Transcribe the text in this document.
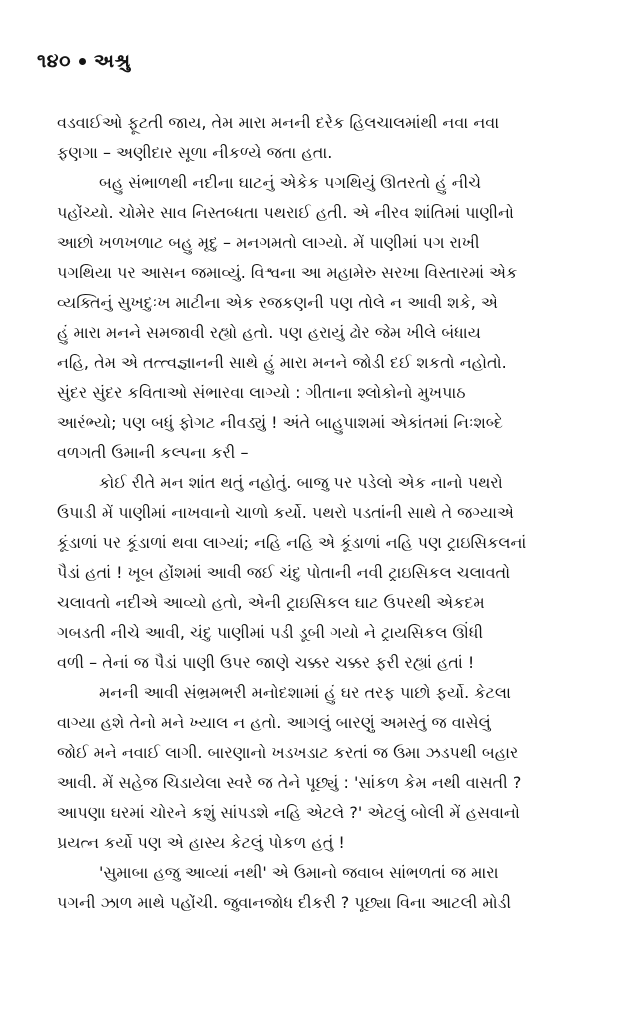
૧૪૦ અશ્રુ
વડવાઈઓ ફૂટતી જાય, તેમ મારા મનની દરેક હિલચાલમાંથી નવા નવા
ફણગા – અણીદાર સૂળા નીકળ્યે જતા હતા.
બહુ સંભાળથી નદીના ઘાટનું એકેક પગથિયું ઊતરતો હું નીચે
પહોંચ્યો. ચોમેર સાવ નિસ્તબ્ધતા પથરાઈ હતી. એ નીરવ શાંતિમાં પાણીનો
આછો ખળખળાટ બહુ મૃદુ – મનગમતો લાગ્યો. મેં પાણીમાં પગ રાખી
પગથિયા પર આસન જમાવ્યું. વિશ્વના આ મહામેરુ સરખા વિસ્તારમાં એક
વ્યક્તિનું સુખદુઃખ માટીના એક રજકણની પણ તોલે ન આવી શકે, એ
હું મારા મનને સમજાવી રહ્યો હતો. પણ હરાયું ઢોર જેમ ખીલે બંધાય
નહિ, તેમ એ તત્ત્વજ્ઞાનની સાથે હું મારા મનને જોડી દઈ શકતો નહોતો.
સુંદર સુંદર કવિતાઓ સંભારવા લાગ્યો : ગીતાના શ્લોકોનો મુખપાઠ
આરંભ્યો; પણ બધું ફોગટ નીવડ્યું ! અંતે બાહુપાશમાં એકાંતમાં નિઃશબ્દે
વળગતી ઉમાની કલ્પના કરી –
કોઈ રીતે મન શાંત થતું નહોતું. બાજુ પર પડેલો એક નાનો પથરો
ઉપાડી મેં પાણીમાં નાખવાનો ચાળો કર્યો. પથરો પડતાંની સાથે તે જગ્યાએ
કૂંડાળાં પર કૂંડાળાં થવા લાગ્યાં; નહિ નહિ એ કૂંડાળાં નહિ પણ ટ્રાઇસિકલનાં
પૈડાં હતાં ! ખૂબ હોંશમાં આવી જઈ ચંદુ પોતાની નવી ટ્રાઇસિકલ ચલાવતો
ચલાવતો નદીએ આવ્યો હતો, એની ટ્રાઇસિકલ ઘાટ ઉપરથી એકદમ
ગબડતી નીચે આવી, ચંદુ પાણીમાં પડી ડૂબી ગયો ને ટ્રાયસિકલ ઊંધી
વળી – તેનાં જ પૈડાં પાણી ઉપર જાણે ચક્કર ચક્કર ફરી રહ્યાં હતાં !
મનની આવી સંભ્રમભરી મનોદશામાં હું ઘર તરફ પાછો ફર્યો. કેટલા
વાગ્યા હશે તેનો મને ખ્યાલ ન હતો. આગલું બારણું અમસ્તું જ વાસેલું
જોઈ મને નવાઈ લાગી. બારણાનો ખડખડાટ કરતાં જ ઉમા ઝડપથી બહાર
આવી. મેં સહેજ ચિડાયેલા સ્વરે જ તેને પૂછ્યું : 'સાંકળ કેમ નથી વાસતી ?
આપણા ઘરમાં ચોરને કશું સાંપડશે નહિ એટલે ?' એટલું બોલી મેં હસવાનો
પ્રયત્ન કર્યો પણ એ હાસ્ય કેટલું પોકળ હતું !
'સુમાબા હજુ આવ્યાં નથી' એ ઉમાનો જવાબ સાંભળતાં જ મારા
પગની ઝાળ માથે પહોંચી. જુવાનજોધ દીકરી ? પૂછ્યા વિના આટલી મોડી
